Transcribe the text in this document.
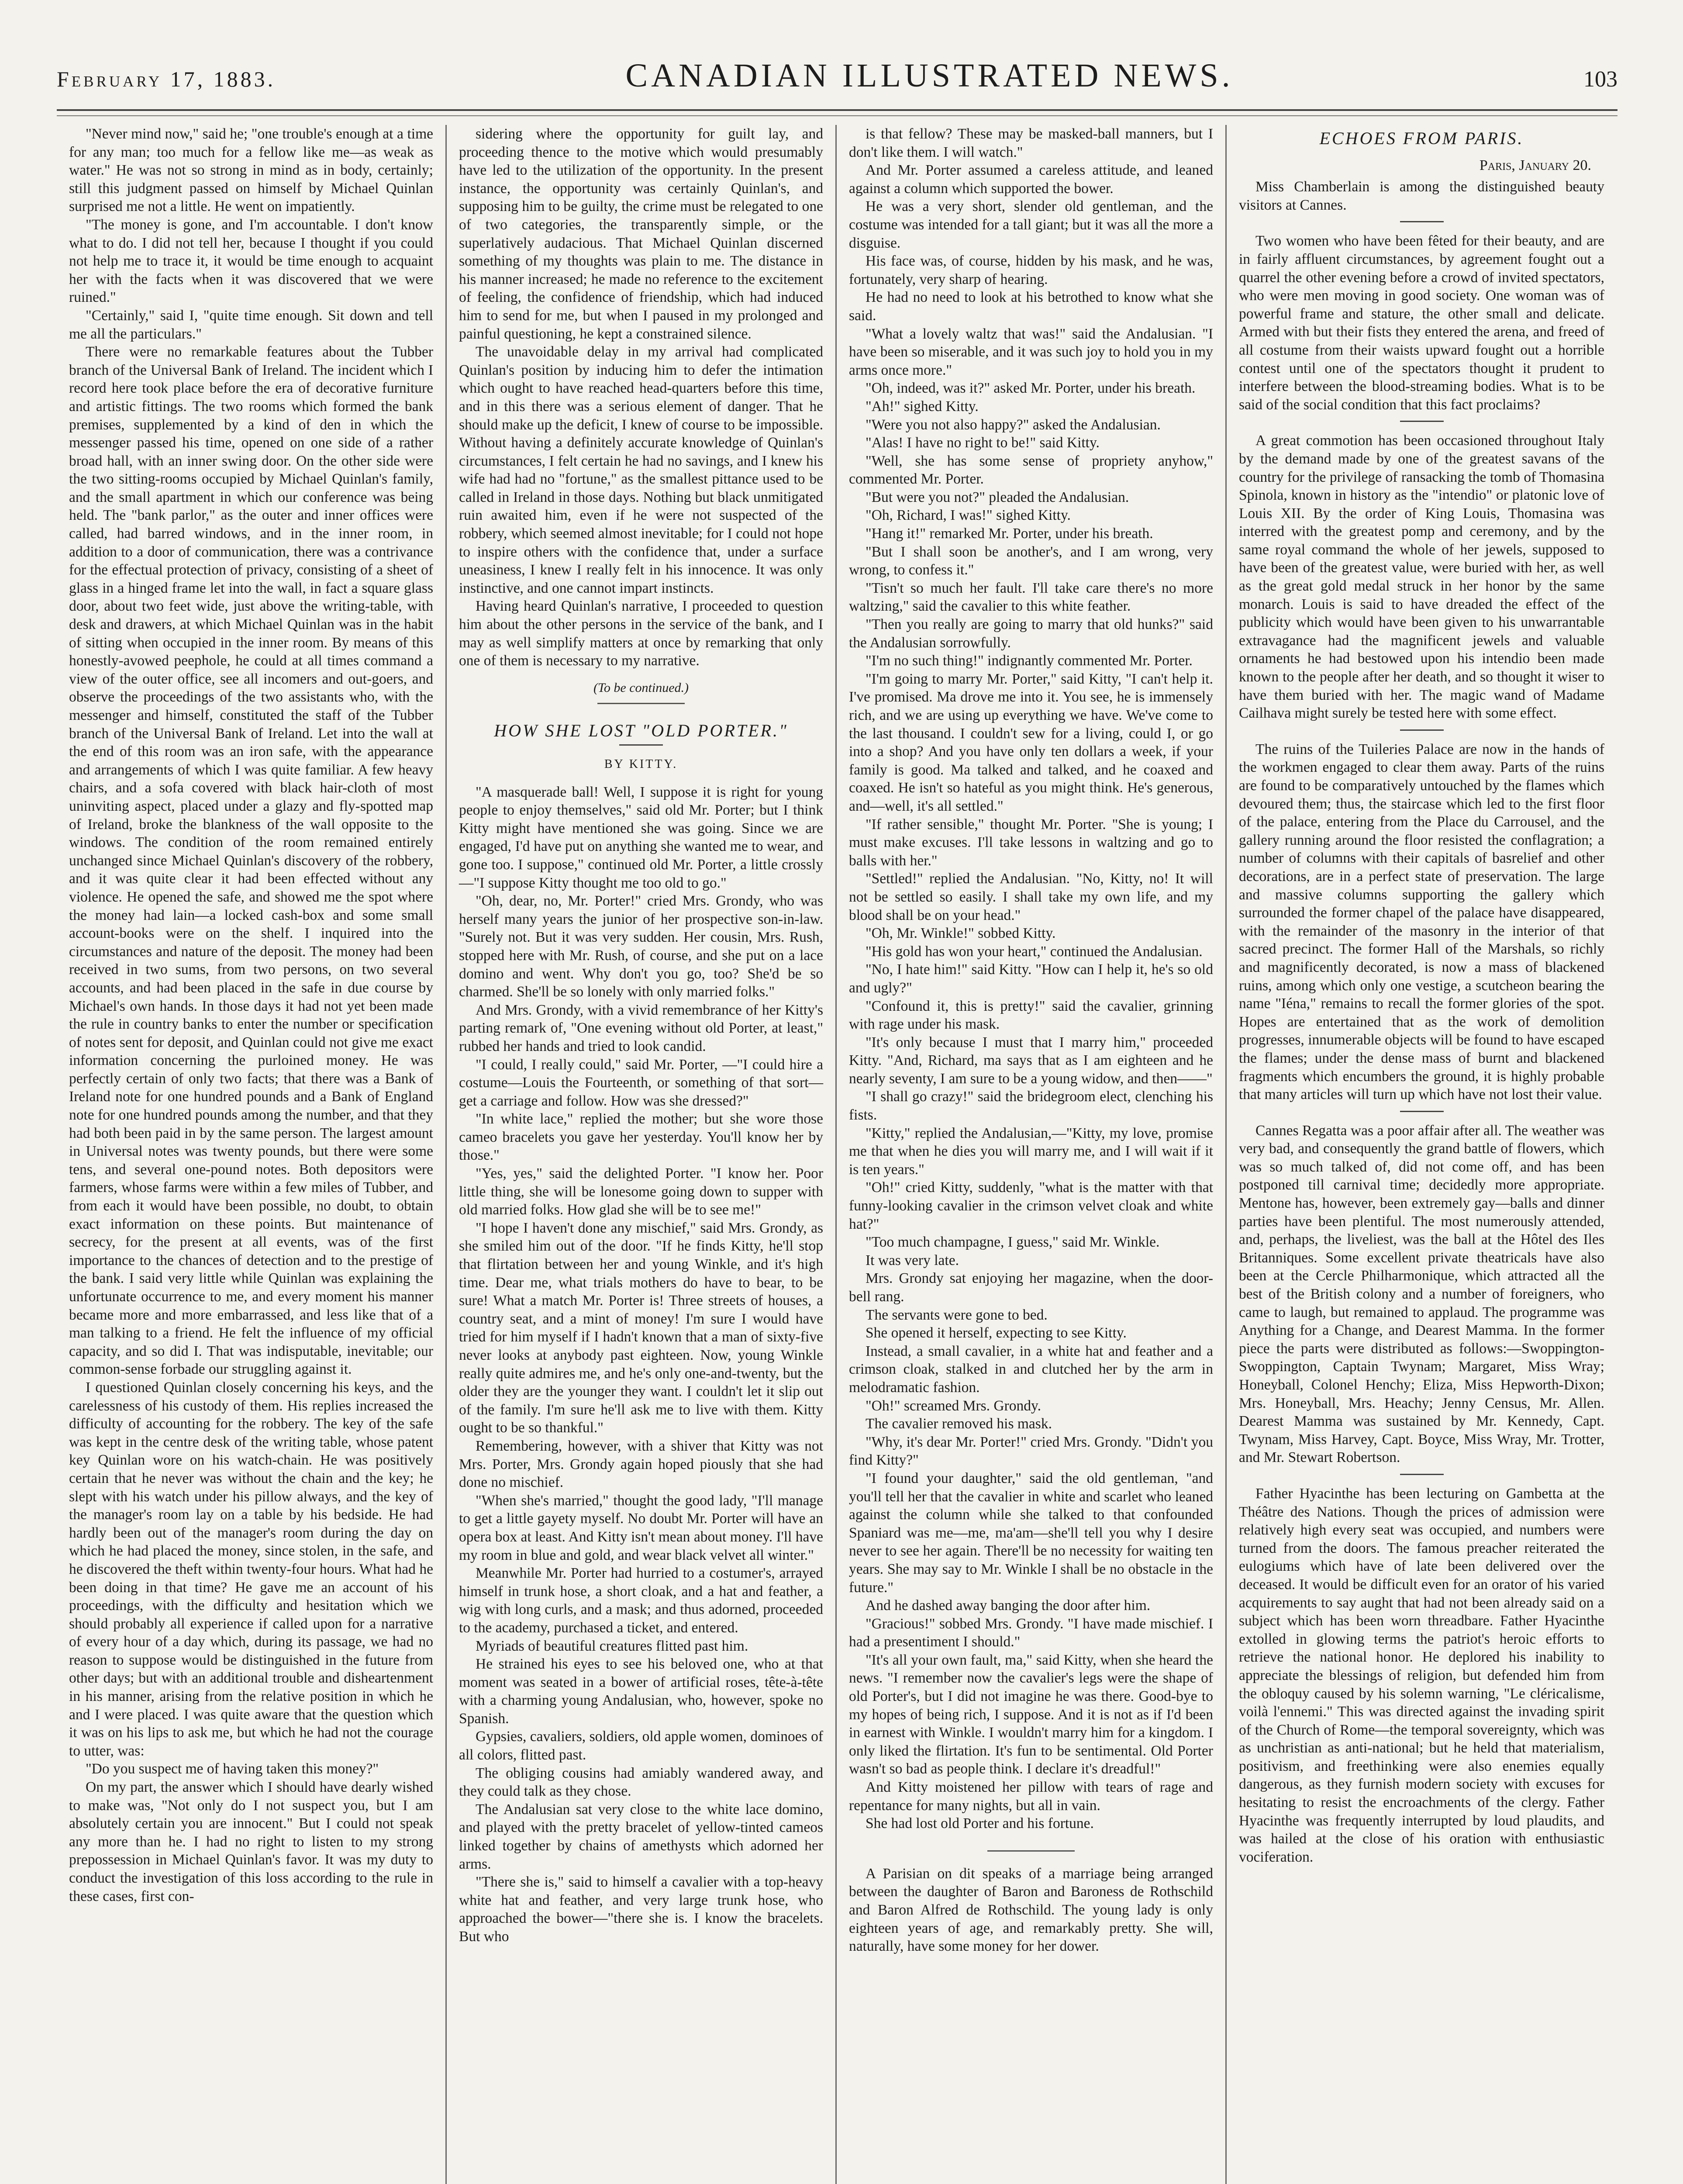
February 17, 1883.	CANADIAN ILLUSTRATED NEWS.	103

"Never mind now," said he; "one trouble's enough at a time for any man; too much for a fellow like me—as weak as water." He was not so strong in mind as in body, certainly; still this judgment passed on himself by Michael Quinlan surprised me not a little. He went on impatiently.

"The money is gone, and I'm accountable. I don't know what to do. I did not tell her, because I thought if you could not help me to trace it, it would be time enough to acquaint her with the facts when it was discovered that we were ruined."

"Certainly," said I, "quite time enough. Sit down and tell me all the particulars."

There were no remarkable features about the Tubber branch of the Universal Bank of Ireland. The incident which I record here took place before the era of decorative furniture and artistic fittings. The two rooms which formed the bank premises, supplemented by a kind of den in which the messenger passed his time, opened on one side of a rather broad hall, with an inner swing door. On the other side were the two sitting-rooms occupied by Michael Quinlan's family, and the small apartment in which our conference was being held. The "bank parlor," as the outer and inner offices were called, had barred windows, and in the inner room, in addition to a door of communication, there was a contrivance for the effectual protection of privacy, consisting of a sheet of glass in a hinged frame let into the wall, in fact a square glass door, about two feet wide, just above the writing-table, with desk and drawers, at which Michael Quinlan was in the habit of sitting when occupied in the inner room. By means of this honestly-avowed peephole, he could at all times command a view of the outer office, see all incomers and out-goers, and observe the proceedings of the two assistants who, with the messenger and himself, constituted the staff of the Tubber branch of the Universal Bank of Ireland. Let into the wall at the end of this room was an iron safe, with the appearance and arrangements of which I was quite familiar. A few heavy chairs, and a sofa covered with black hair-cloth of most uninviting aspect, placed under a glazy and fly-spotted map of Ireland, broke the blankness of the wall opposite to the windows. The condition of the room remained entirely unchanged since Michael Quinlan's discovery of the robbery, and it was quite clear it had been effected without any violence. He opened the safe, and showed me the spot where the money had lain—a locked cash-box and some small account-books were on the shelf. I inquired into the circumstances and nature of the deposit. The money had been received in two sums, from two persons, on two several accounts, and had been placed in the safe in due course by Michael's own hands. In those days it had not yet been made the rule in country banks to enter the number or specification of notes sent for deposit, and Quinlan could not give me exact information concerning the purloined money. He was perfectly certain of only two facts; that there was a Bank of Ireland note for one hundred pounds and a Bank of England note for one hundred pounds among the number, and that they had both been paid in by the same person. The largest amount in Universal notes was twenty pounds, but there were some tens, and several one-pound notes. Both depositors were farmers, whose farms were within a few miles of Tubber, and from each it would have been possible, no doubt, to obtain exact information on these points. But maintenance of secrecy, for the present at all events, was of the first importance to the chances of detection and to the prestige of the bank. I said very little while Quinlan was explaining the unfortunate occurrence to me, and every moment his manner became more and more embarrassed, and less like that of a man talking to a friend. He felt the influence of my official capacity, and so did I. That was indisputable, inevitable; our common-sense forbade our struggling against it.

I questioned Quinlan closely concerning his keys, and the carelessness of his custody of them. His replies increased the difficulty of accounting for the robbery. The key of the safe was kept in the centre desk of the writing table, whose patent key Quinlan wore on his watch-chain. He was positively certain that he never was without the chain and the key; he slept with his watch under his pillow always, and the key of the manager's room lay on a table by his bedside. He had hardly been out of the manager's room during the day on which he had placed the money, since stolen, in the safe, and he discovered the theft within twenty-four hours. What had he been doing in that time? He gave me an account of his proceedings, with the difficulty and hesitation which we should probably all experience if called upon for a narrative of every hour of a day which, during its passage, we had no reason to suppose would be distinguished in the future from other days; but with an additional trouble and disheartenment in his manner, arising from the relative position in which he and I were placed. I was quite aware that the question which it was on his lips to ask me, but which he had not the courage to utter, was:

"Do you suspect me of having taken this money?"

On my part, the answer which I should have dearly wished to make was, "Not only do I not suspect you, but I am absolutely certain you are innocent." But I could not speak any more than he. I had no right to listen to my strong prepossession in Michael Quinlan's favor. It was my duty to conduct the investigation of this loss according to the rule in these cases, first con-

sidering where the opportunity for guilt lay, and proceeding thence to the motive which would presumably have led to the utilization of the opportunity. In the present instance, the opportunity was certainly Quinlan's, and supposing him to be guilty, the crime must be relegated to one of two categories, the transparently simple, or the superlatively audacious. That Michael Quinlan discerned something of my thoughts was plain to me. The distance in his manner increased; he made no reference to the excitement of feeling, the confidence of friendship, which had induced him to send for me, but when I paused in my prolonged and painful questioning, he kept a constrained silence.

The unavoidable delay in my arrival had complicated Quinlan's position by inducing him to defer the intimation which ought to have reached head-quarters before this time, and in this there was a serious element of danger. That he should make up the deficit, I knew of course to be impossible. Without having a definitely accurate knowledge of Quinlan's circumstances, I felt certain he had no savings, and I knew his wife had had no "fortune," as the smallest pittance used to be called in Ireland in those days. Nothing but black unmitigated ruin awaited him, even if he were not suspected of the robbery, which seemed almost inevitable; for I could not hope to inspire others with the confidence that, under a surface uneasiness, I knew I really felt in his innocence. It was only instinctive, and one cannot impart instincts.

Having heard Quinlan's narrative, I proceeded to question him about the other persons in the service of the bank, and I may as well simplify matters at once by remarking that only one of them is necessary to my narrative.

(To be continued.)
HOW SHE LOST "OLD PORTER."
BY KITTY.

"A masquerade ball! Well, I suppose it is right for young people to enjoy themselves," said old Mr. Porter; but I think Kitty might have mentioned she was going. Since we are engaged, I'd have put on anything she wanted me to wear, and gone too. I suppose," continued old Mr. Porter, a little crossly—"I suppose Kitty thought me too old to go."

"Oh, dear, no, Mr. Porter!" cried Mrs. Grondy, who was herself many years the junior of her prospective son-in-law. "Surely not. But it was very sudden. Her cousin, Mrs. Rush, stopped here with Mr. Rush, of course, and she put on a lace domino and went. Why don't you go, too? She'd be so charmed. She'll be so lonely with only married folks."

And Mrs. Grondy, with a vivid remembrance of her Kitty's parting remark of, "One evening without old Porter, at least," rubbed her hands and tried to look candid.

"I could, I really could," said Mr. Porter, —"I could hire a costume—Louis the Fourteenth, or something of that sort—get a carriage and follow. How was she dressed?"

"In white lace," replied the mother; but she wore those cameo bracelets you gave her yesterday. You'll know her by those."

"Yes, yes," said the delighted Porter. "I know her. Poor little thing, she will be lonesome going down to supper with old married folks. How glad she will be to see me!"

"I hope I haven't done any mischief," said Mrs. Grondy, as she smiled him out of the door. "If he finds Kitty, he'll stop that flirtation between her and young Winkle, and it's high time. Dear me, what trials mothers do have to bear, to be sure! What a match Mr. Porter is! Three streets of houses, a country seat, and a mint of money! I'm sure I would have tried for him myself if I hadn't known that a man of sixty-five never looks at anybody past eighteen. Now, young Winkle really quite admires me, and he's only one-and-twenty, but the older they are the younger they want. I couldn't let it slip out of the family. I'm sure he'll ask me to live with them. Kitty ought to be so thankful."

Remembering, however, with a shiver that Kitty was not Mrs. Porter, Mrs. Grondy again hoped piously that she had done no mischief.

"When she's married," thought the good lady, "I'll manage to get a little gayety myself. No doubt Mr. Porter will have an opera box at least. And Kitty isn't mean about money. I'll have my room in blue and gold, and wear black velvet all winter."

Meanwhile Mr. Porter had hurried to a costumer's, arrayed himself in trunk hose, a short cloak, and a hat and feather, a wig with long curls, and a mask; and thus adorned, proceeded to the academy, purchased a ticket, and entered.

Myriads of beautiful creatures flitted past him.

He strained his eyes to see his beloved one, who at that moment was seated in a bower of artificial roses, tête-à-tête with a charming young Andalusian, who, however, spoke no Spanish.

Gypsies, cavaliers, soldiers, old apple women, dominoes of all colors, flitted past.

The obliging cousins had amiably wandered away, and they could talk as they chose.

The Andalusian sat very close to the white lace domino, and played with the pretty bracelet of yellow-tinted cameos linked together by chains of amethysts which adorned her arms.

"There she is," said to himself a cavalier with a top-heavy white hat and feather, and very large trunk hose, who approached the bower—"there she is. I know the bracelets. But who

is that fellow? These may be masked-ball manners, but I don't like them. I will watch."

And Mr. Porter assumed a careless attitude, and leaned against a column which supported the bower.

He was a very short, slender old gentleman, and the costume was intended for a tall giant; but it was all the more a disguise.

His face was, of course, hidden by his mask, and he was, fortunately, very sharp of hearing.

He had no need to look at his betrothed to know what she said.

"What a lovely waltz that was!" said the Andalusian. "I have been so miserable, and it was such joy to hold you in my arms once more."

"Oh, indeed, was it?" asked Mr. Porter, under his breath.

"Ah!" sighed Kitty.

"Were you not also happy?" asked the Andalusian.

"Alas! I have no right to be!" said Kitty.

"Well, she has some sense of propriety anyhow," commented Mr. Porter.

"But were you not?" pleaded the Andalusian.

"Oh, Richard, I was!" sighed Kitty.

"Hang it!" remarked Mr. Porter, under his breath.

"But I shall soon be another's, and I am wrong, very wrong, to confess it."

"Tisn't so much her fault. I'll take care there's no more waltzing," said the cavalier to this white feather.

"Then you really are going to marry that old hunks?" said the Andalusian sorrowfully.

"I'm no such thing!" indignantly commented Mr. Porter.

"I'm going to marry Mr. Porter," said Kitty, "I can't help it. I've promised. Ma drove me into it. You see, he is immensely rich, and we are using up everything we have. We've come to the last thousand. I couldn't sew for a living, could I, or go into a shop? And you have only ten dollars a week, if your family is good. Ma talked and talked, and he coaxed and coaxed. He isn't so hateful as you might think. He's generous, and—well, it's all settled."

"If rather sensible," thought Mr. Porter. "She is young; I must make excuses. I'll take lessons in waltzing and go to balls with her."

"Settled!" replied the Andalusian. "No, Kitty, no! It will not be settled so easily. I shall take my own life, and my blood shall be on your head."

"Oh, Mr. Winkle!" sobbed Kitty.

"His gold has won your heart," continued the Andalusian.

"No, I hate him!" said Kitty. "How can I help it, he's so old and ugly?"

"Confound it, this is pretty!" said the cavalier, grinning with rage under his mask.

"It's only because I must that I marry him," proceeded Kitty. "And, Richard, ma says that as I am eighteen and he nearly seventy, I am sure to be a young widow, and then——"

"I shall go crazy!" said the bridegroom elect, clenching his fists.

"Kitty," replied the Andalusian,—"Kitty, my love, promise me that when he dies you will marry me, and I will wait if it is ten years."

"Oh!" cried Kitty, suddenly, "what is the matter with that funny-looking cavalier in the crimson velvet cloak and white hat?"

"Too much champagne, I guess," said Mr. Winkle.

It was very late.

Mrs. Grondy sat enjoying her magazine, when the door-bell rang.

The servants were gone to bed.

She opened it herself, expecting to see Kitty.

Instead, a small cavalier, in a white hat and feather and a crimson cloak, stalked in and clutched her by the arm in melodramatic fashion.

"Oh!" screamed Mrs. Grondy.

The cavalier removed his mask.

"Why, it's dear Mr. Porter!" cried Mrs. Grondy. "Didn't you find Kitty?"

"I found your daughter," said the old gentleman, "and you'll tell her that the cavalier in white and scarlet who leaned against the column while she talked to that confounded Spaniard was me—me, ma'am—she'll tell you why I desire never to see her again. There'll be no necessity for waiting ten years. She may say to Mr. Winkle I shall be no obstacle in the future."

And he dashed away banging the door after him.

"Gracious!" sobbed Mrs. Grondy. "I have made mischief. I had a presentiment I should."

"It's all your own fault, ma," said Kitty, when she heard the news. "I remember now the cavalier's legs were the shape of old Porter's, but I did not imagine he was there. Good-bye to my hopes of being rich, I suppose. And it is not as if I'd been in earnest with Winkle. I wouldn't marry him for a kingdom. I only liked the flirtation. It's fun to be sentimental. Old Porter wasn't so bad as people think. I declare it's dreadful!"

And Kitty moistened her pillow with tears of rage and repentance for many nights, but all in vain.

She had lost old Porter and his fortune.

A Parisian on dit speaks of a marriage being arranged between the daughter of Baron and Baroness de Rothschild and Baron Alfred de Rothschild. The young lady is only eighteen years of age, and remarkably pretty. She will, naturally, have some money for her dower.

ECHOES FROM PARIS.
Paris, January 20.

Miss Chamberlain is among the distinguished beauty visitors at Cannes.

Two women who have been fêted for their beauty, and are in fairly affluent circumstances, by agreement fought out a quarrel the other evening before a crowd of invited spectators, who were men moving in good society. One woman was of powerful frame and stature, the other small and delicate. Armed with but their fists they entered the arena, and freed of all costume from their waists upward fought out a horrible contest until one of the spectators thought it prudent to interfere between the blood-streaming bodies. What is to be said of the social condition that this fact proclaims?

A great commotion has been occasioned throughout Italy by the demand made by one of the greatest savans of the country for the privilege of ransacking the tomb of Thomasina Spinola, known in history as the "intendio" or platonic love of Louis XII. By the order of King Louis, Thomasina was interred with the greatest pomp and ceremony, and by the same royal command the whole of her jewels, supposed to have been of the greatest value, were buried with her, as well as the great gold medal struck in her honor by the same monarch. Louis is said to have dreaded the effect of the publicity which would have been given to his unwarrantable extravagance had the magnificent jewels and valuable ornaments he had bestowed upon his intendio been made known to the people after her death, and so thought it wiser to have them buried with her. The magic wand of Madame Cailhava might surely be tested here with some effect.

The ruins of the Tuileries Palace are now in the hands of the workmen engaged to clear them away. Parts of the ruins are found to be comparatively untouched by the flames which devoured them; thus, the staircase which led to the first floor of the palace, entering from the Place du Carrousel, and the gallery running around the floor resisted the conflagration; a number of columns with their capitals of basrelief and other decorations, are in a perfect state of preservation. The large and massive columns supporting the gallery which surrounded the former chapel of the palace have disappeared, with the remainder of the masonry in the interior of that sacred precinct. The former Hall of the Marshals, so richly and magnificently decorated, is now a mass of blackened ruins, among which only one vestige, a scutcheon bearing the name "Iéna," remains to recall the former glories of the spot. Hopes are entertained that as the work of demolition progresses, innumerable objects will be found to have escaped the flames; under the dense mass of burnt and blackened fragments which encumbers the ground, it is highly probable that many articles will turn up which have not lost their value.

Cannes Regatta was a poor affair after all. The weather was very bad, and consequently the grand battle of flowers, which was so much talked of, did not come off, and has been postponed till carnival time; decidedly more appropriate. Mentone has, however, been extremely gay—balls and dinner parties have been plentiful. The most numerously attended, and, perhaps, the liveliest, was the ball at the Hôtel des Iles Britanniques. Some excellent private theatricals have also been at the Cercle Philharmonique, which attracted all the best of the British colony and a number of foreigners, who came to laugh, but remained to applaud. The programme was Anything for a Change, and Dearest Mamma. In the former piece the parts were distributed as follows:—Swoppington-Swoppington, Captain Twynam; Margaret, Miss Wray; Honeyball, Colonel Henchy; Eliza, Miss Hepworth-Dixon; Mrs. Honeyball, Mrs. Heachy; Jenny Census, Mr. Allen. Dearest Mamma was sustained by Mr. Kennedy, Capt. Twynam, Miss Harvey, Capt. Boyce, Miss Wray, Mr. Trotter, and Mr. Stewart Robertson.

Father Hyacinthe has been lecturing on Gambetta at the Théâtre des Nations. Though the prices of admission were relatively high every seat was occupied, and numbers were turned from the doors. The famous preacher reiterated the eulogiums which have of late been delivered over the deceased. It would be difficult even for an orator of his varied acquirements to say aught that had not been already said on a subject which has been worn threadbare. Father Hyacinthe extolled in glowing terms the patriot's heroic efforts to retrieve the national honor. He deplored his inability to appreciate the blessings of religion, but defended him from the obloquy caused by his solemn warning, "Le cléricalisme, voilà l'ennemi." This was directed against the invading spirit of the Church of Rome—the temporal sovereignty, which was as unchristian as anti-national; but he held that materialism, positivism, and freethinking were also enemies equally dangerous, as they furnish modern society with excuses for hesitating to resist the encroachments of the clergy. Father Hyacinthe was frequently interrupted by loud plaudits, and was hailed at the close of his oration with enthusiastic vociferation.
